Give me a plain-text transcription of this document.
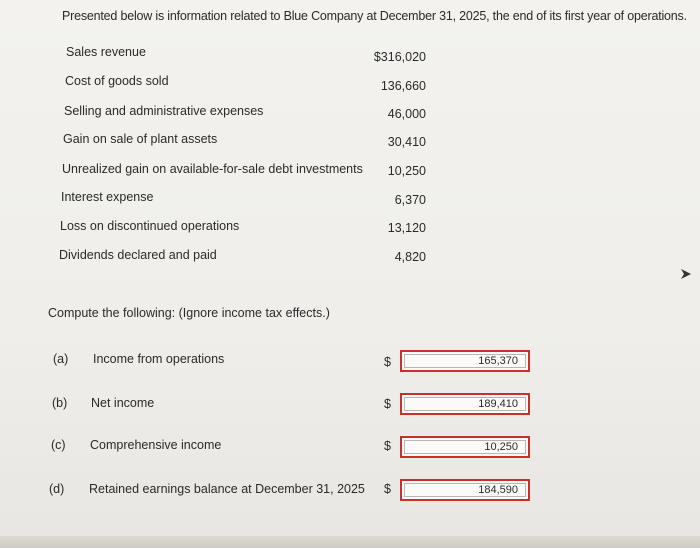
Presented below is information related to Blue Company at December 31, 2025, the end of its first year of operations.
Sales revenue	$316,020
Cost of goods sold	136,660
Selling and administrative expenses	46,000
Gain on sale of plant assets	30,410
Unrealized gain on available-for-sale debt investments	10,250
Interest expense	6,370
Loss on discontinued operations	13,120
Dividends declared and paid	4,820
Compute the following: (Ignore income tax effects.)
(a) Income from operations	$	165,370
(b) Net income	$	189,410
(c) Comprehensive income	$	10,250
(d) Retained earnings balance at December 31, 2025 $	184,590
